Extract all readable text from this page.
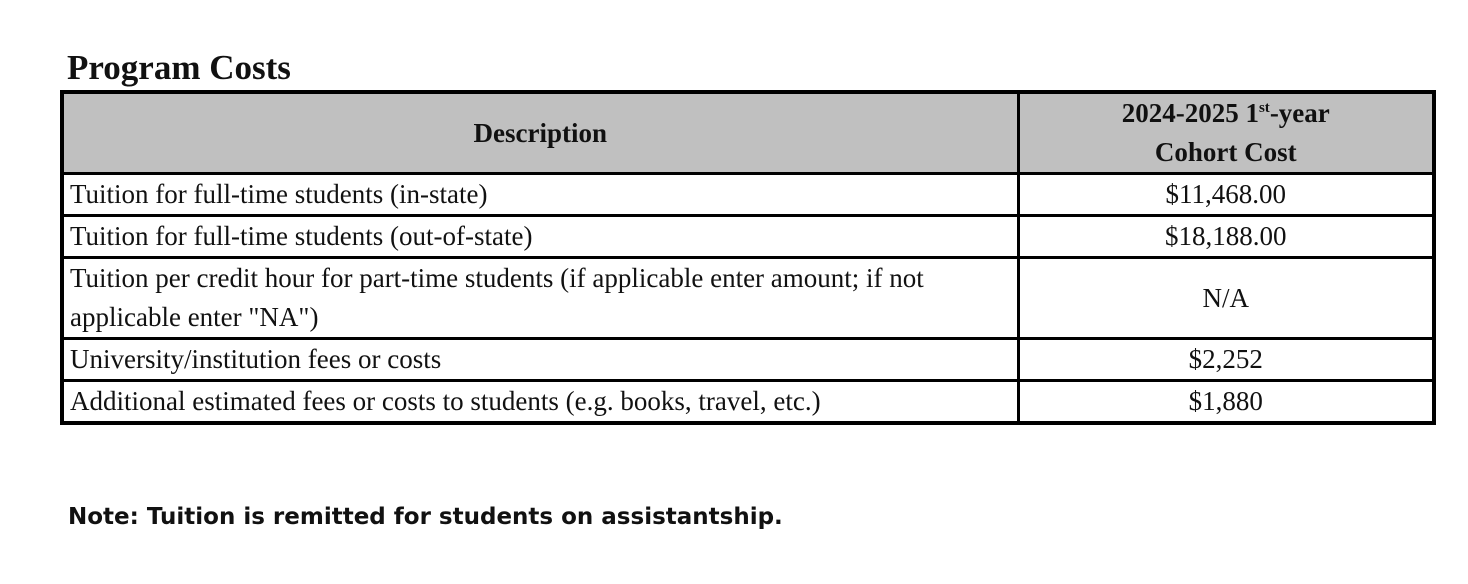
Program Costs
Description	2024-2025 1st-year
Cohort Cost
Tuition for full-time students (in-state)	$11,468.00
Tuition for full-time students (out-of-state)	$18,188.00
Tuition per credit hour for part-time students (if applicable enter amount; if not applicable enter "NA")	N/A
University/institution fees or costs	$2,252
Additional estimated fees or costs to students (e.g. books, travel, etc.)	$1,880
Note: Tuition is remitted for students on assistantship.
